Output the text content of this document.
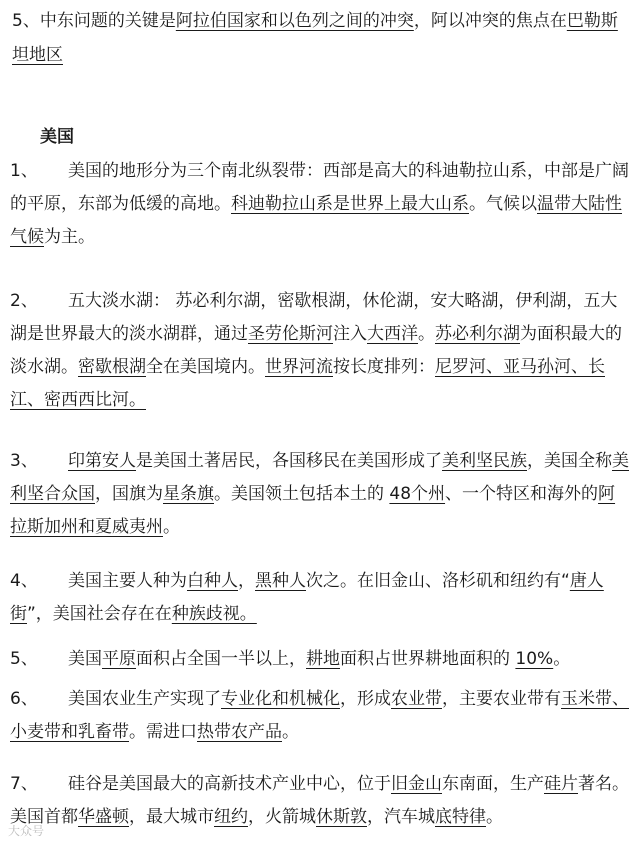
5、中东问题的关键是阿拉伯国家和以色列之间的冲突，阿以冲突的焦点在巴勒斯坦地区
美国
1、	美国的地形分为三个南北纵裂带：西部是高大的科迪勒拉山系，中部是广阔的平原，东部为低缓的高地。科迪勒拉山系是世界上最大山系。气候以温带大陆性气候为主。

2、	五大淡水湖： 苏必利尔湖，密歇根湖，休伦湖，安大略湖，伊利湖，五大湖是世界最大的淡水湖群，通过圣劳伦斯河注入大西洋。苏必利尔湖为面积最大的淡水湖。密歇根湖全在美国境内。世界河流按长度排列：尼罗河、亚马孙河、长江、密西西比河。

3、	印第安人是美国土著居民，各国移民在美国形成了美利坚民族，美国全称美利坚合众国，国旗为星条旗。美国领土包括本土的 48个州、一个特区和海外的阿拉斯加州和夏威夷州。

4、	美国主要人种为白种人，黑种人次之。在旧金山、洛杉矶和纽约有“唐人街”，美国社会存在在种族歧视。

5、	美国平原面积占全国一半以上，耕地面积占世界耕地面积的 10%。

6、	美国农业生产实现了专业化和机械化，形成农业带，主要农业带有玉米带、小麦带和乳畜带。需进口热带农产品。

7、	硅谷是美国最大的高新技术产业中心，位于旧金山东南面，生产硅片著名。美国首都华盛顿，最大城市纽约，火箭城休斯敦，汽车城底特律。

大众号
